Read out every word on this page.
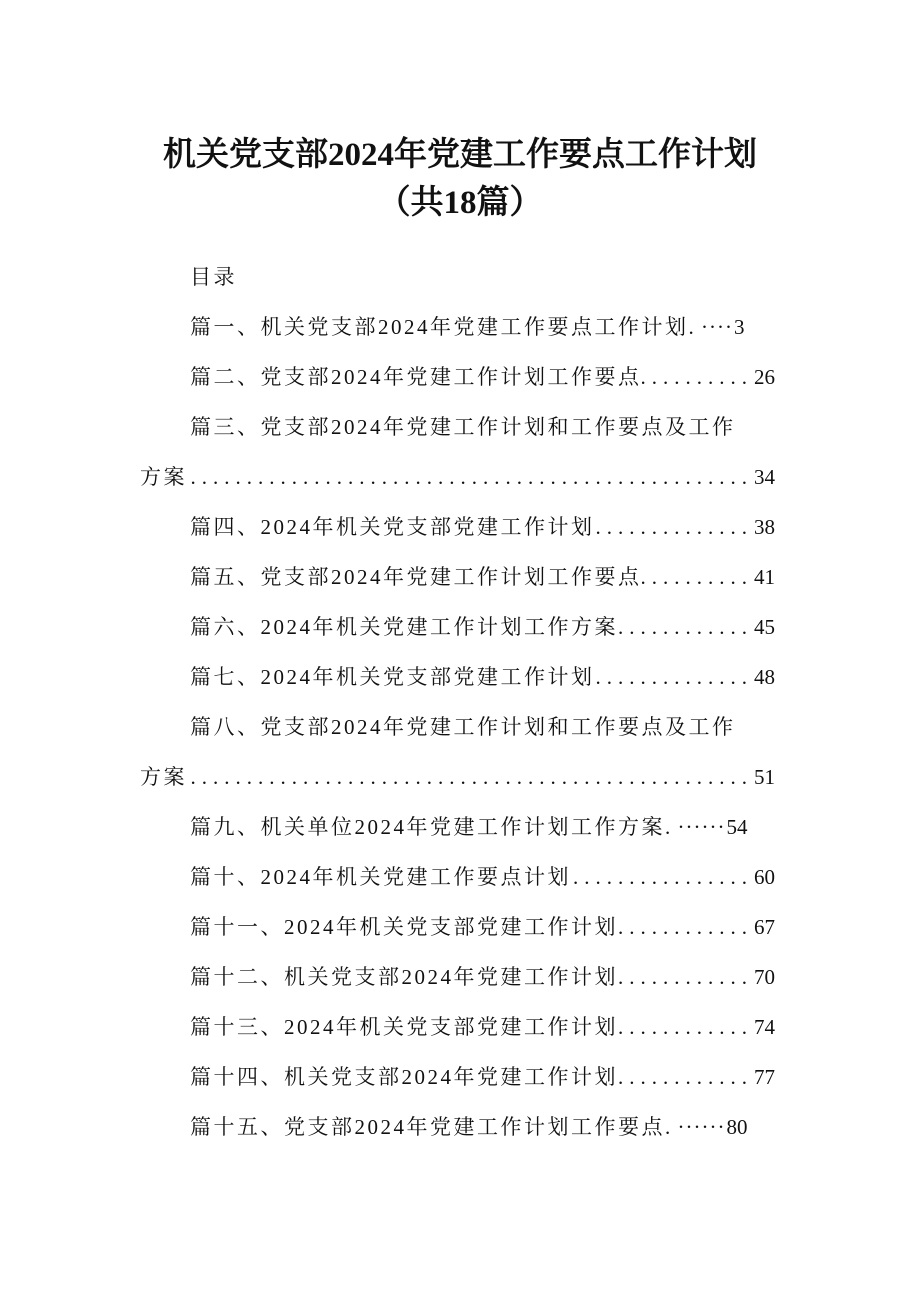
机关党支部2024年党建工作要点工作计划
（共18篇）
目录
篇一、机关党支部2024年党建工作要点工作计划 . ···· 3
篇二、党支部2024年党建工作计划工作要点 .....	26
篇三、党支部2024年党建工作计划和工作要点及工作
方案 .....	34
篇四、2024年机关党支部党建工作计划 .....	38
篇五、党支部2024年党建工作计划工作要点 .....	41
篇六、2024年机关党建工作计划工作方案 .....	45
篇七、2024年机关党支部党建工作计划 .....	48
篇八、党支部2024年党建工作计划和工作要点及工作
方案 .....	51
篇九、机关单位2024年党建工作计划工作方案 . ······ 54
篇十、2024年机关党建工作要点计划 .....	60
篇十一、2024年机关党支部党建工作计划 .....	67
篇十二、机关党支部2024年党建工作计划 .....	70
篇十三、2024年机关党支部党建工作计划 .....	74
篇十四、机关党支部2024年党建工作计划 .....	77
篇十五、党支部2024年党建工作计划工作要点 . ······ 80
